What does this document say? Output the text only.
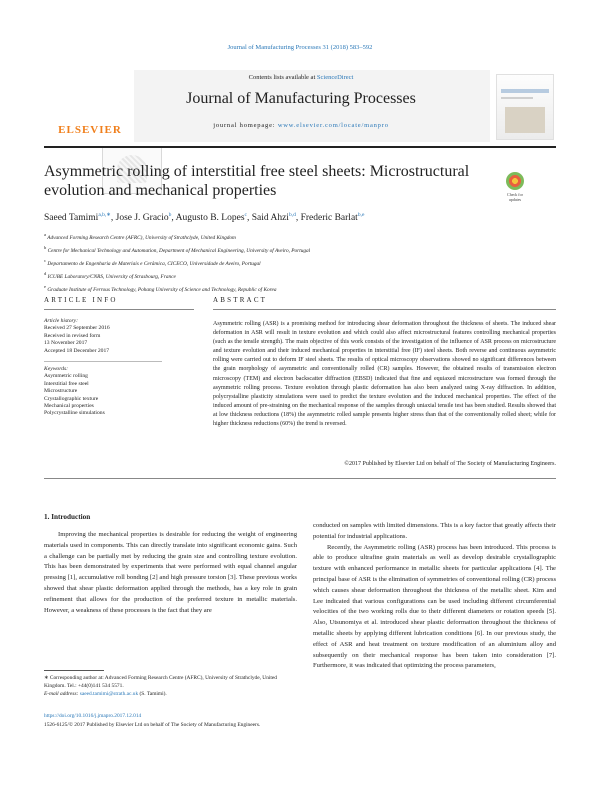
Journal of Manufacturing Processes 31 (2018) 583–592
ELSEVIER
Contents lists available at ScienceDirect
Journal of Manufacturing Processes
journal homepage: www.elsevier.com/locate/manpro
Asymmetric rolling of interstitial free steel sheets: Microstructural evolution and mechanical properties	Check for updates
Saeed Tamimi$^{a,b,∗}$, Jose J. Gracio$^b$, Augusto B. Lopes$^c$, Said Ahzi$^{b,d}$, Frederic Barlat$^{b,e}$
$^a$ Advanced Forming Research Centre (AFRC), University of Strathclyde, United Kingdom
$^b$ Centre for Mechanical Technology and Automation, Department of Mechanical Engineering, University of Aveiro, Portugal
$^c$ Departamento de Engenharia de Materiais e Cerâmica, CICECO, Universidade de Aveiro, Portugal
$^d$ ICUBE Laboratory/CNRS, University of Strasbourg, France
$^e$ Graduate Institute of Ferrous Technology, Pohang University of Science and Technology, Republic of Korea
ARTICLE INFO
Article history:
Received 27 September 2016
Received in revised form
13 November 2017
Accepted 18 December 2017
Keywords:
Asymmetric rolling
Interstitial free steel
Microstructure
Crystallographic texture
Mechanical properties
Polycrystalline simulations
ABSTRACT
Asymmetric rolling (ASR) is a promising method for introducing shear deformation throughout the thickness of sheets. The induced shear deformation in ASR will result in texture evolution and which could also affect microstructural features controlling mechanical properties (such as the tensile strength). The main objective of this work consists of the investigation of the influence of ASR process on microstructure and texture evolution and their induced mechanical properties in interstitial free (IF) steel sheets. Both reverse and continuous asymmetric rolling were carried out to deform IF steel sheets. The results of optical microscopy observations showed no significant differences between the grain morphology of asymmetric and conventionally rolled (CR) samples. However, the obtained results of transmission electron microscopy (TEM) and electron backscatter diffraction (EBSD) indicated that fine and equiaxed microstructure was formed through the asymmetric rolling process. Texture evolution through plastic deformation has also been analyzed using X-ray diffraction. In addition, polycrystalline plasticity simulations were used to predict the texture evolution and the induced mechanical properties. The effect of the induced amount of pre-straining on the mechanical response of the samples through uniaxial tensile test has been studied. Results showed that at low thickness reductions (18%) the asymmetric rolled sample presents higher stress than that of the conventionally rolled sheet; while for higher thickness reductions (60%) the trend is reversed.
©2017 Published by Elsevier Ltd on behalf of The Society of Manufacturing Engineers.
1. Introduction

Improving the mechanical properties is desirable for reducing the weight of engineering materials used in components. This can directly translate into significant economic gains. Such a challenge can be partially met by reducing the grain size and controlling texture evolution. This has been demonstrated by experiments that were performed with equal channel angular pressing [1], accumulative roll bonding [2] and high pressure torsion [3]. These previous works showed that shear plastic deformation applied through the methods, has a key role in grain refinement that allows for the production of the preferred texture in metallic materials. However, a weakness of these processes is the fact that they are

conducted on samples with limited dimensions. This is a key factor that greatly affects their potential for industrial applications.

Recently, the Asymmetric rolling (ASR) process has been introduced. This process is able to produce ultrafine grain materials as well as develop desirable crystallographic texture with enhanced performance in metallic sheets for particular applications [4]. The principal base of ASR is the elimination of symmetries of conventional rolling (CR) process which causes shear deformation throughout the thickness of the metallic sheet. Kim and Lee indicated that various configurations can be used including different circumferential velocities of the two working rolls due to their different diameters or rotation speeds [5]. Also, Utsunomiya et al. introduced shear plastic deformation throughout the thickness of metallic sheets by applying different lubrication conditions [6]. In our previous study, the effect of ASR and heat treatment on texture modification of an aluminium alloy and subsequently on their mechanical response has been taken into consideration [7]. Furthermore, it was indicated that optimizing the process parameters,

∗ Corresponding author at: Advanced Forming Research Centre (AFRC), University of Strathclyde, United Kingdom. Tel.: +44(0)141 534 5571.
E-mail address: saeed.tamimi@strath.ac.uk (S. Tamimi).
https://doi.org/10.1016/j.jmapro.2017.12.014
1526-6125/© 2017 Published by Elsevier Ltd on behalf of The Society of Manufacturing Engineers.
